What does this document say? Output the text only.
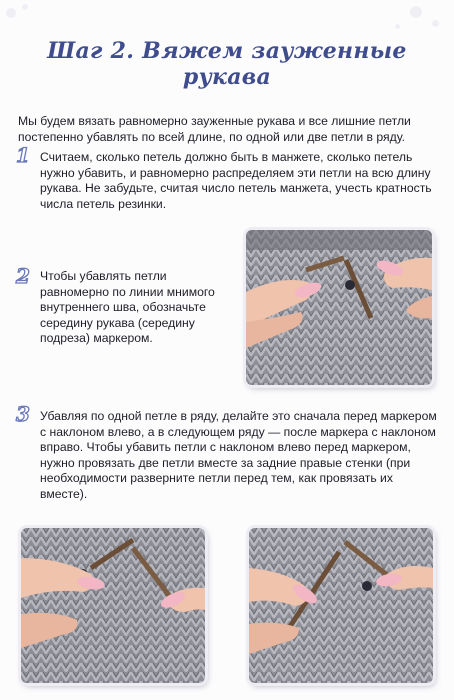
Шаг 2. Вяжем зауженные рукава
Мы будем вязать равномерно зауженные рукава и все лишние петли постепенно убавлять по всей длине, по одной или две петли в ряду.
1 Считаем, сколько петель должно быть в манжете, сколько петель нужно убавить, и равномерно распределяем эти петли на всю длину рукава. Не забудьте, считая число петель манжета, учесть кратность числа петель резинки.
2 Чтобы убавлять петли равномерно по линии мнимого внутреннего шва, обозначьте середину рукава (середину подреза) маркером.
3 Убавляя по одной петле в ряду, делайте это сначала перед маркером с наклоном влево, а в следующем ряду — после маркера с наклоном вправо. Чтобы убавить петли с наклоном влево перед маркером, нужно провязать две петли вместе за задние правые стенки (при необходимости разверните петли перед тем, как провязать их вместе).
